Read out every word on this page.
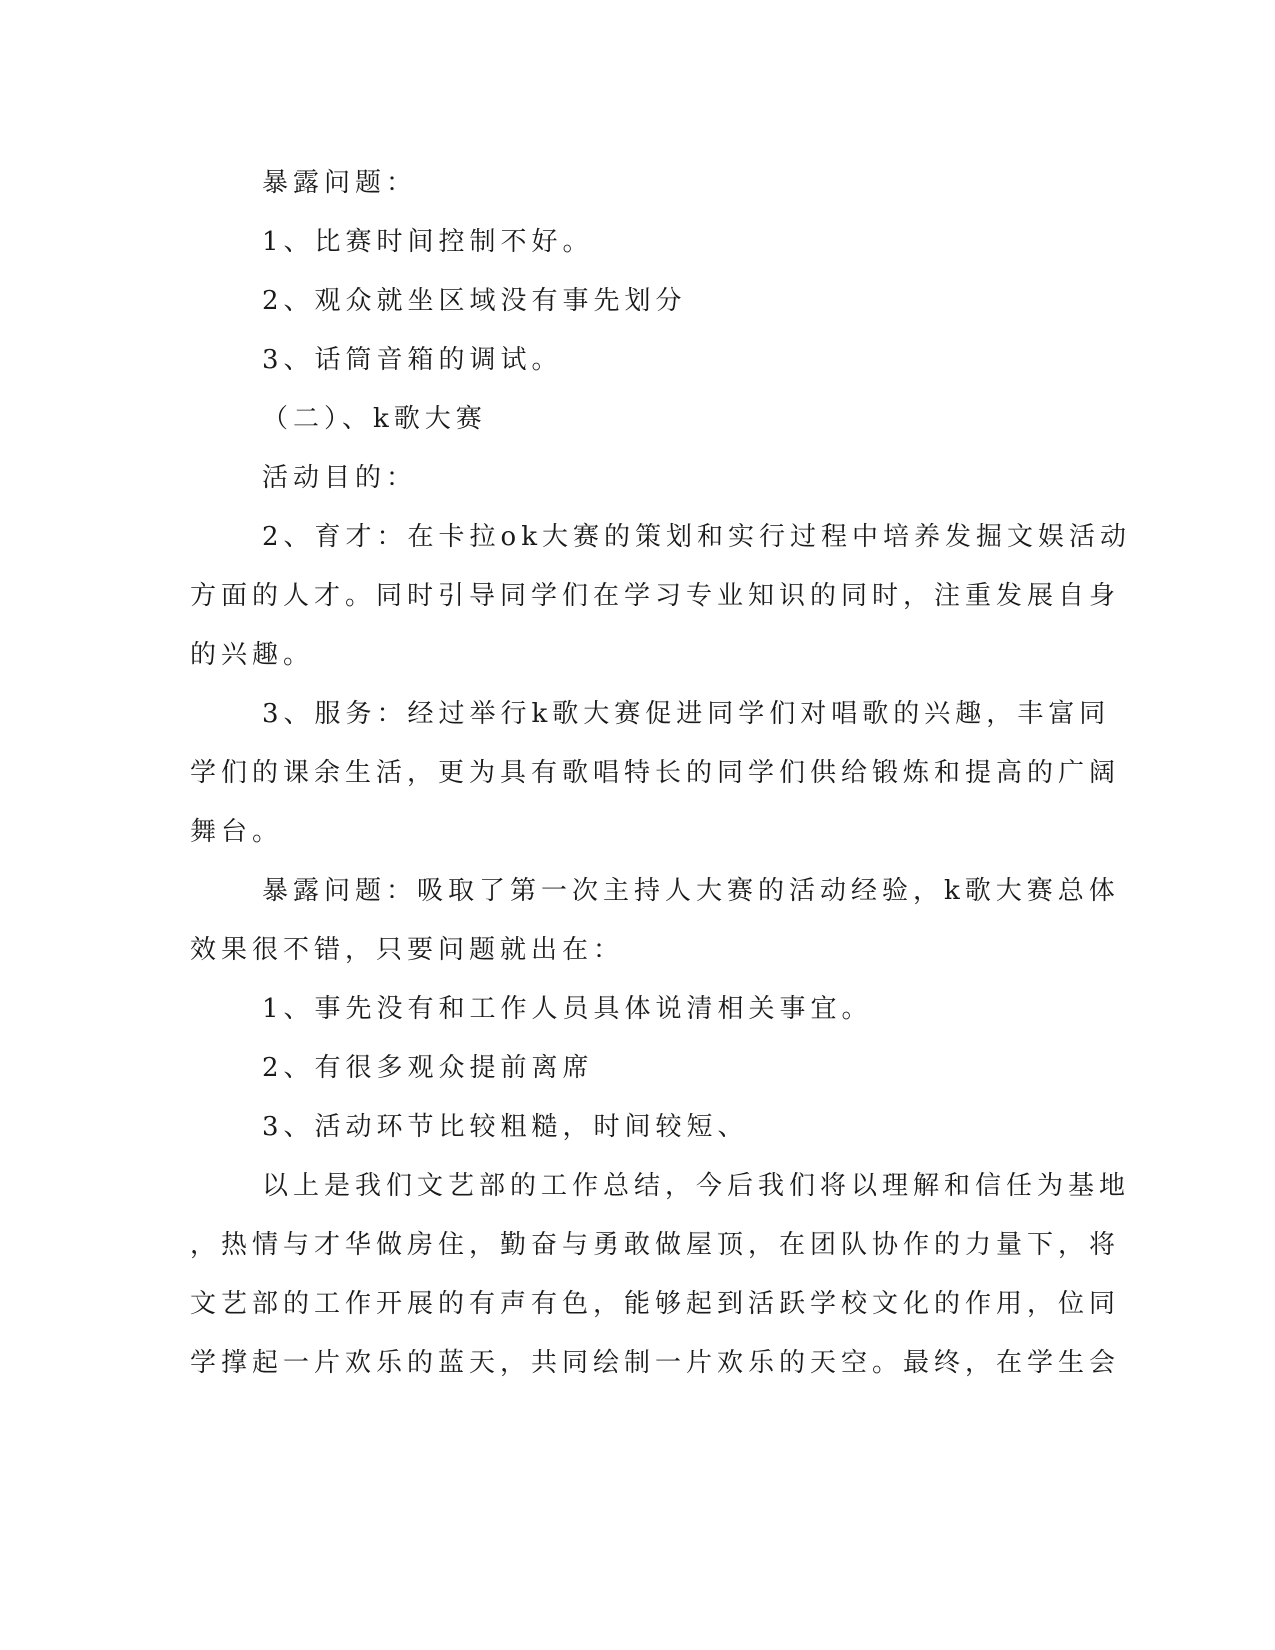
暴露问题：
1、比赛时间控制不好。
2、观众就坐区域没有事先划分
3、话筒音箱的调试。
（二）、k歌大赛
活动目的：
2、育才：在卡拉ok大赛的策划和实行过程中培养发掘文娱活动
方面的人才。同时引导同学们在学习专业知识的同时，注重发展自身
的兴趣。
3、服务：经过举行k歌大赛促进同学们对唱歌的兴趣，丰富同
学们的课余生活，更为具有歌唱特长的同学们供给锻炼和提高的广阔
舞台。
暴露问题：吸取了第一次主持人大赛的活动经验，k歌大赛总体
效果很不错，只要问题就出在：
1、事先没有和工作人员具体说清相关事宜。
2、有很多观众提前离席
3、活动环节比较粗糙，时间较短、
以上是我们文艺部的工作总结，今后我们将以理解和信任为基地
，热情与才华做房住，勤奋与勇敢做屋顶，在团队协作的力量下，将
文艺部的工作开展的有声有色，能够起到活跃学校文化的作用，位同
学撑起一片欢乐的蓝天，共同绘制一片欢乐的天空。最终，在学生会
